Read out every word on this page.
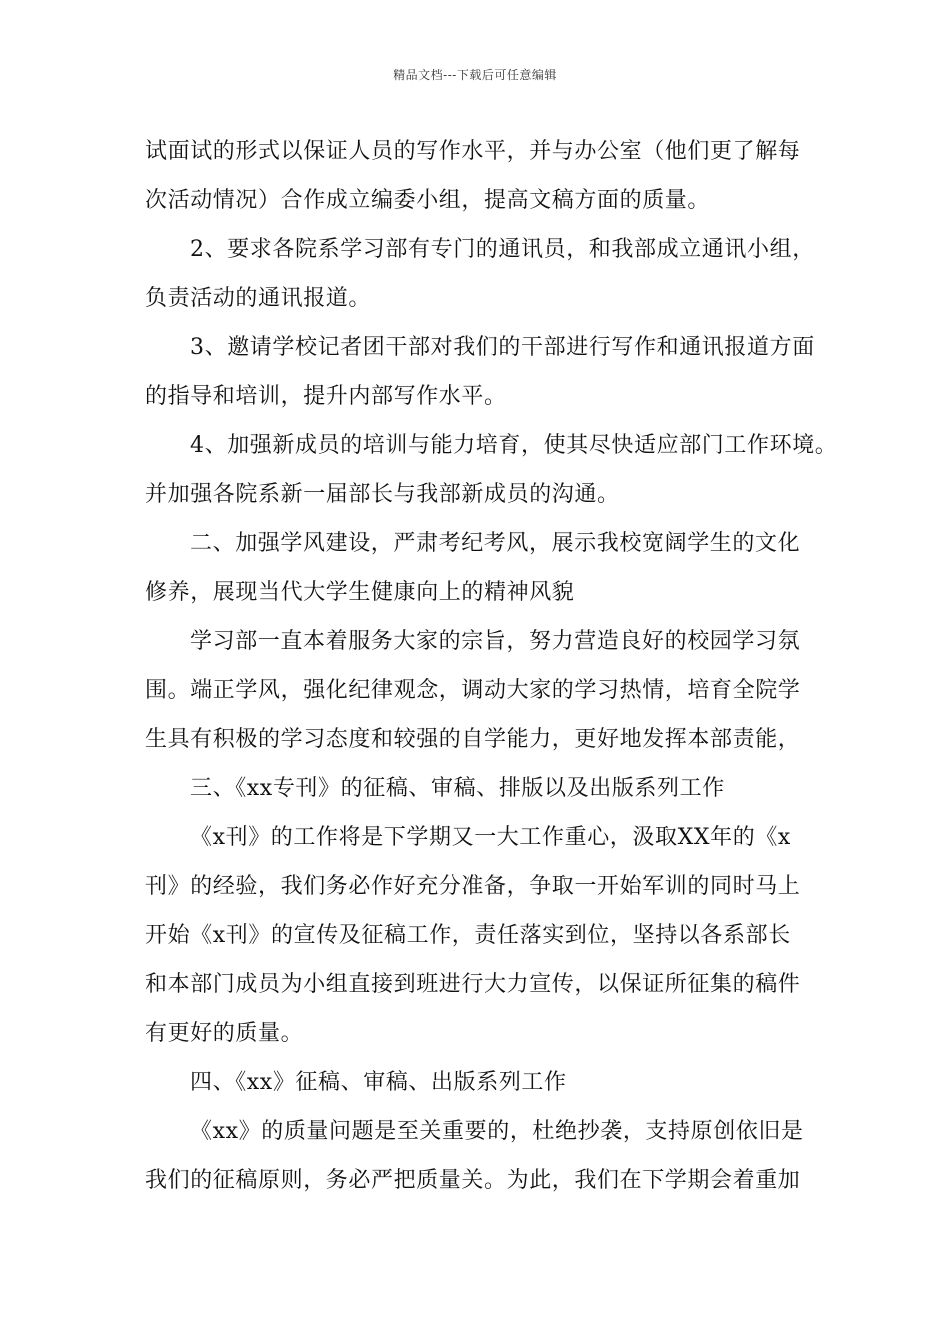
精品文档---下载后可任意编辑
试面试的形式以保证人员的写作水平，并与办公室（他们更了解每
次活动情况）合作成立编委小组，提高文稿方面的质量。
2、要求各院系学习部有专门的通讯员，和我部成立通讯小组，
负责活动的通讯报道。
3、邀请学校记者团干部对我们的干部进行写作和通讯报道方面
的指导和培训，提升内部写作水平。
4、加强新成员的培训与能力培育，使其尽快适应部门工作环境。
并加强各院系新一届部长与我部新成员的沟通。
二、加强学风建设，严肃考纪考风，展示我校宽阔学生的文化
修养，展现当代大学生健康向上的精神风貌
学习部一直本着服务大家的宗旨，努力营造良好的校园学习氛
围。端正学风，强化纪律观念，调动大家的学习热情，培育全院学
生具有积极的学习态度和较强的自学能力，更好地发挥本部责能，
三、《xx专刊》的征稿、审稿、排版以及出版系列工作
《x刊》的工作将是下学期又一大工作重心，汲取XX年的《x
刊》的经验，我们务必作好充分准备，争取一开始军训的同时马上
开始《x刊》的宣传及征稿工作，责任落实到位，坚持以各系部长
和本部门成员为小组直接到班进行大力宣传，以保证所征集的稿件
有更好的质量。
四、《xx》征稿、审稿、出版系列工作
《xx》的质量问题是至关重要的，杜绝抄袭，支持原创依旧是
我们的征稿原则，务必严把质量关。为此，我们在下学期会着重加
